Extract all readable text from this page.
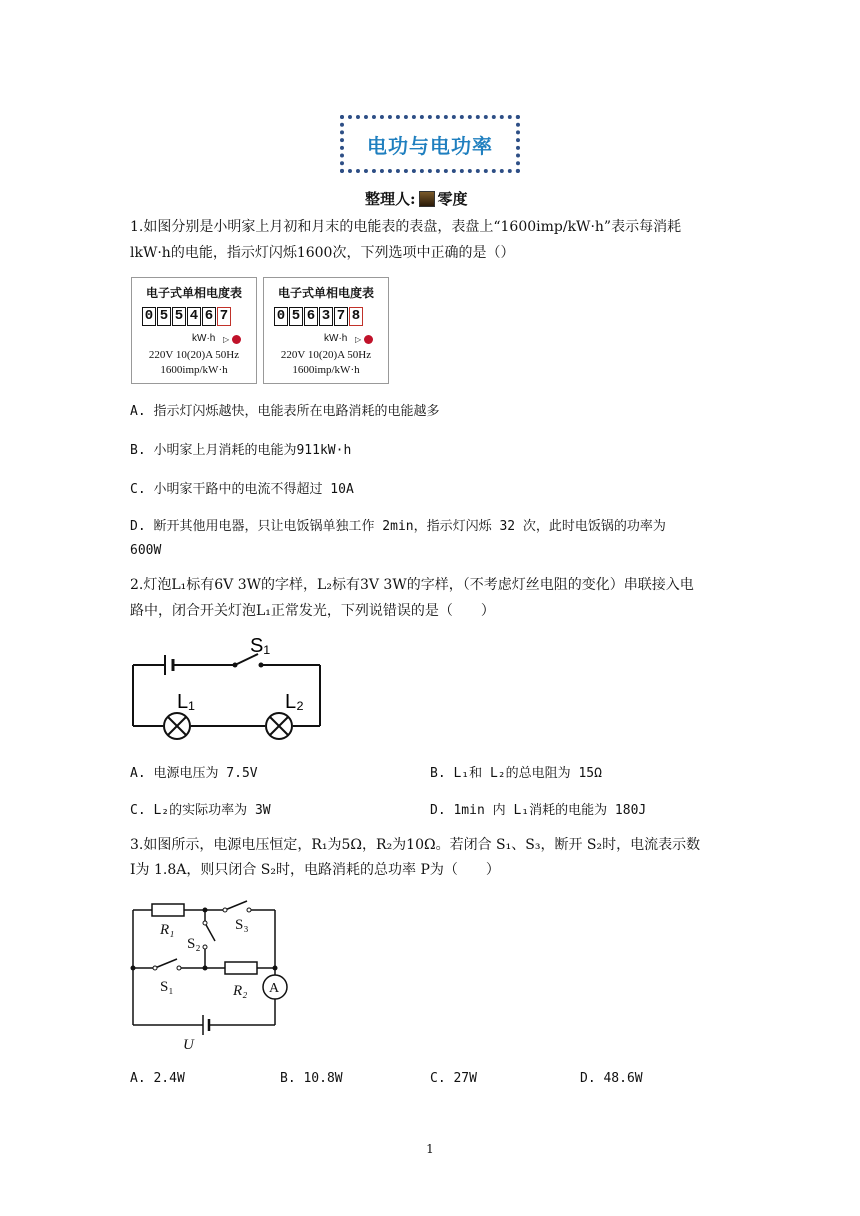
电功与电功率
整理人: 零度
1.如图分别是小明家上月初和月末的电能表的表盘，表盘上“1600imp/kW·h”表示每消耗
lkW·h的电能，指示灯闪烁1600次，下列选项中正确的是（）
电子式单相电度表
0 5 5 4 6 7
kW·h ▷
220V 10(20)A 50Hz
1600imp/kW·h
电子式单相电度表
0 5 6 3 7 8
kW·h ▷
220V 10(20)A 50Hz
1600imp/kW·h
A. 指示灯闪烁越快，电能表所在电路消耗的电能越多
B. 小明家上月消耗的电能为911kW·h
C. 小明家干路中的电流不得超过 10A
D. 断开其他用电器，只让电饭锅单独工作 2min，指示灯闪烁 32 次，此时电饭锅的功率为
600W
2.灯泡L₁标有6V 3W的字样，L₂标有3V 3W的字样，（不考虑灯丝电阻的变化）串联接入电
路中，闭合开关灯泡L₁正常发光，下列说错误的是（　　）
S₁
L₁	L₂
A. 电源电压为 7.5V	B. L₁和 L₂的总电阻为 15Ω
C. L₂的实际功率为 3W	D. 1min 内 L₁消耗的电能为 180J
3.如图所示，电源电压恒定，R₁为5Ω，R₂为10Ω。若闭合 S₁、S₃，断开 S₂时，电流表示数
I为 1.8A，则只闭合 S₂时，电路消耗的总功率 P为（　　）
R₁	S₃
S₂
S₁	R₂ A
U
A. 2.4W	B. 10.8W	C. 27W	D. 48.6W
1
